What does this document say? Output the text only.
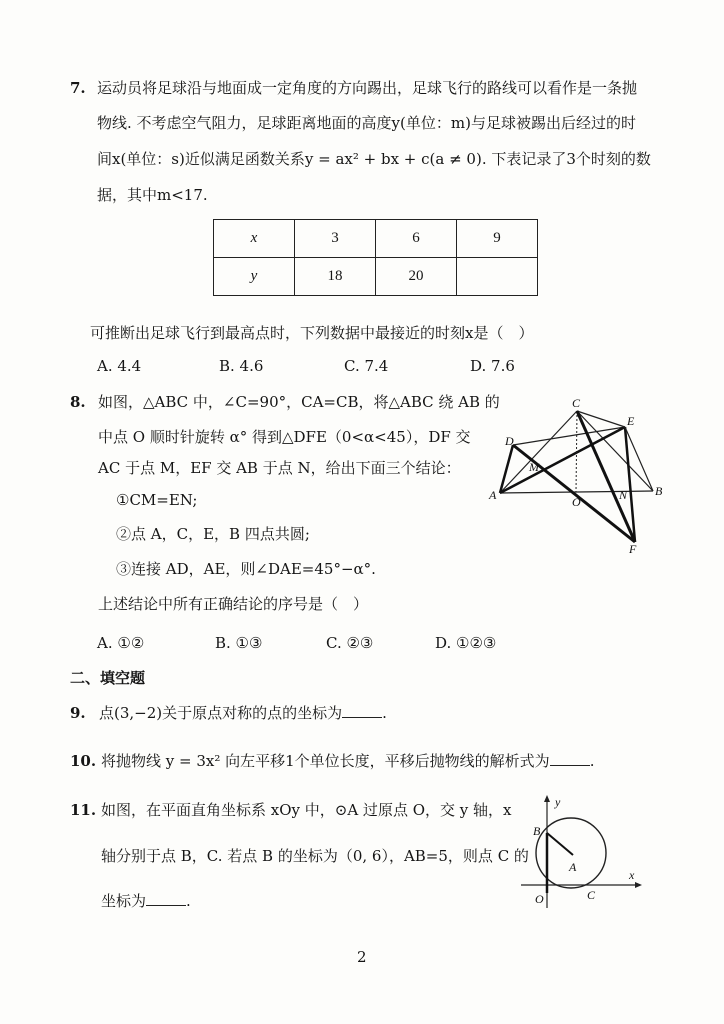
7. 运动员将足球沿与地面成一定角度的方向踢出，足球飞行的路线可以看作是一条抛
物线. 不考虑空气阻力，足球距离地面的高度y(单位：m)与足球被踢出后经过的时
间x(单位：s)近似满足函数关系y = ax² + bx + c(a ≠ 0). 下表记录了3个时刻的数
据，其中m<17.
x	3	6	9
y	18	20	
可推断出足球飞行到最高点时，下列数据中最接近的时刻x是（　）
A. 4.4	B. 4.6	C. 7.4	D. 7.6
8. 如图，△ABC 中，∠C=90°，CA=CB，将△ABC 绕 AB 的
中点 O 顺时针旋转 α° 得到△DFE（0<α<45），DF 交
AC 于点 M，EF 交 AB 于点 N，给出下面三个结论：
①CM=EN;
②点 A，C，E，B 四点共圆;
③连接 AD，AE，则∠DAE=45°−α°.
上述结论中所有正确结论的序号是（　）
A. ①②	B. ①③	C. ②③	D. ①②③
C
E
D
M
A	O	N B
F
二、填空题
9. 点(3,−2)关于原点对称的点的坐标为	.
10. 将抛物线 y = 3x² 向左平移1个单位长度，平移后抛物线的解析式为	.
11. 如图，在平面直角坐标系 xOy 中，⊙A 过原点 O，交 y 轴，x
轴分别于点 B，C. 若点 B 的坐标为（0, 6），AB=5，则点 C 的
坐标为	.
y
x
B
A
O	C
2
